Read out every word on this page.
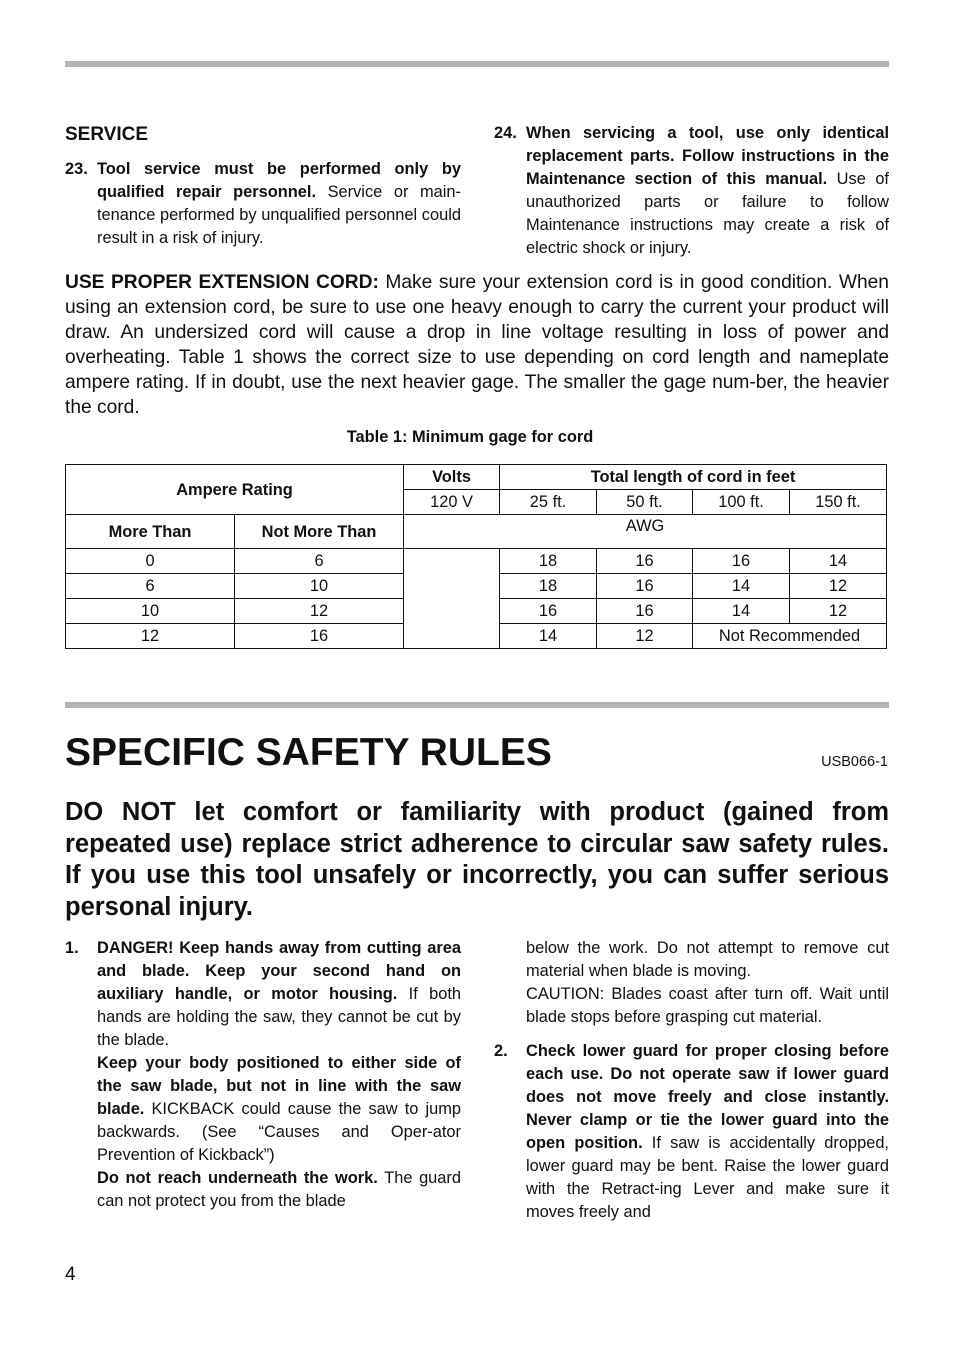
SERVICE
23. Tool service must be performed only by qualified repair personnel. Service or main-tenance performed by unqualified personnel could result in a risk of injury.
24. When servicing a tool, use only identical replacement parts. Follow instructions in the Maintenance section of this manual. Use of unauthorized parts or failure to follow Maintenance instructions may create a risk of electric shock or injury.
USE PROPER EXTENSION CORD: Make sure your extension cord is in good condition. When using an extension cord, be sure to use one heavy enough to carry the current your product will draw. An undersized cord will cause a drop in line voltage resulting in loss of power and overheating. Table 1 shows the correct size to use depending on cord length and nameplate ampere rating. If in doubt, use the next heavier gage. The smaller the gage num-ber, the heavier the cord.
Table 1: Minimum gage for cord
Ampere Rating		Volts	Total length of cord in feet			
		120 V	25 ft.	50 ft.	100 ft.	150 ft.
More Than	Not More Than	AWG				
0	6		18	16	16	14
6	10		18	16	14	12
10	12		16	16	14	12
12	16		14	12	Not Recommended	
SPECIFIC SAFETY RULES	USB066-1
DO NOT let comfort or familiarity with product (gained from repeated use) replace strict adherence to circular saw safety rules. If you use this tool unsafely or incorrectly, you can suffer serious personal injury.
1. DANGER! Keep hands away from cutting area and blade. Keep your second hand on auxiliary handle, or motor housing. If both hands are holding the saw, they cannot be cut by the blade.
Keep your body positioned to either side of the saw blade, but not in line with the saw blade. KICKBACK could cause the saw to jump backwards. (See “Causes and Oper-ator Prevention of Kickback”)
Do not reach underneath the work. The guard can not protect you from the blade
below the work. Do not attempt to remove cut material when blade is moving.
CAUTION: Blades coast after turn off. Wait until blade stops before grasping cut material.
2. Check lower guard for proper closing before each use. Do not operate saw if lower guard does not move freely and close instantly. Never clamp or tie the lower guard into the open position. If saw is accidentally dropped, lower guard may be bent. Raise the lower guard with the Retract-ing Lever and make sure it moves freely and
4
